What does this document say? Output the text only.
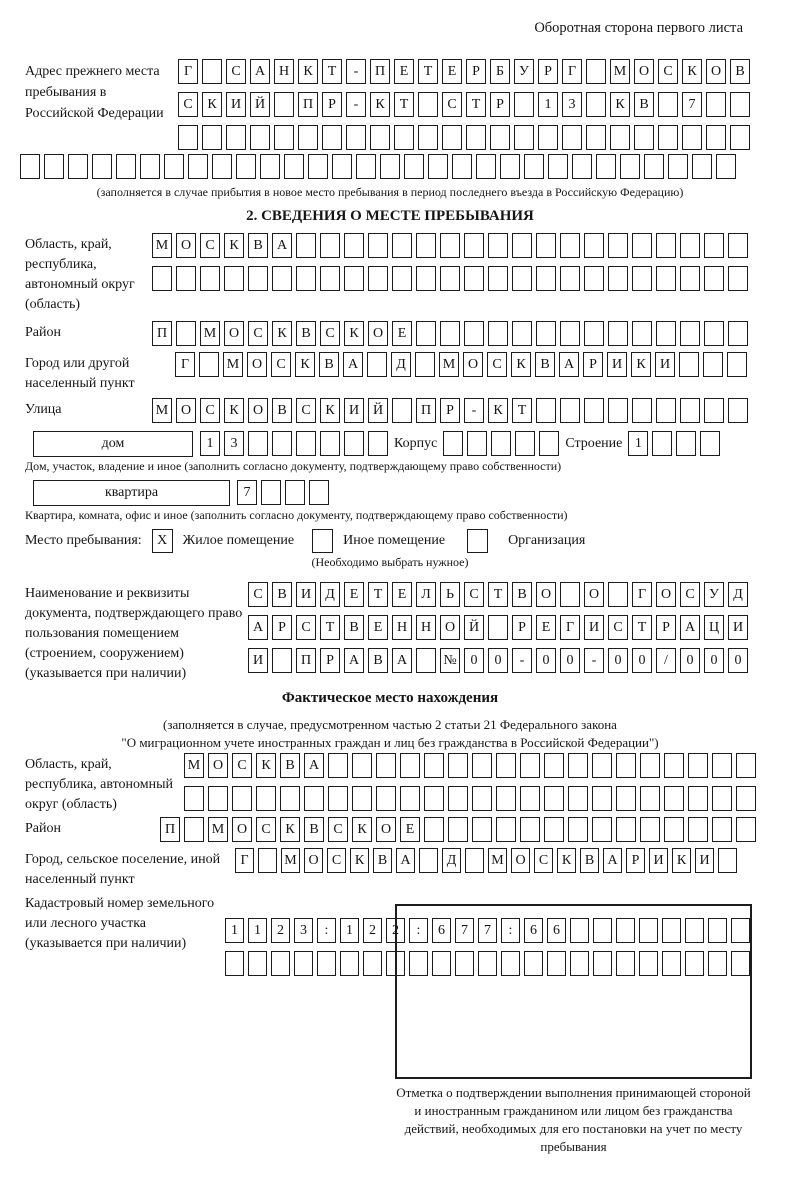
Оборотная сторона первого листа
Адрес прежнего места пребывания в Российской Федерации
Г	С	А Н	К	Т	-	П	Е	Т	Е	Р	Б	У	Р	Г	М О	С	К	О	В
С	К	И Й	П	Р	-	К	Т	С	Т	Р	1	3	К	В	7
(заполняется в случае прибытия в новое место пребывания в период последнего въезда в Российскую Федерацию)
2. СВЕДЕНИЯ О МЕСТЕ ПРЕБЫВАНИЯ
Область, край, республика, автономный округ (область)
М О	С	К	В	А
Район	П	М О	С	К	В	С	К	О	Е
Город или другой населенный пункт
Г	М О	С	К	В	А	Д	М О	С	К	В	А	Р	И	К	И
Улица	М О	С	К	О	В	С	К	И Й	П	Р	-	К	Т
дом	1	3	Корпус	Строение 1
Дом, участок, владение и иное (заполнить согласно документу, подтверждающему право собственности)
квартира	7
Квартира, комната, офис и иное (заполнить согласно документу, подтверждающему право собственности)
Место пребывания:	X	Жилое помещение	Иное помещение	Организация
(Необходимо выбрать нужное)
Наименование и реквизиты документа, подтверждающего право пользования помещением (строением, сооружением) (указывается при наличии)
С	В	И	Д	Е	Т	Е	Л	Ь	С	Т	В	О	О	Г	О	С	У	Д
А	Р	С	Т	В	Е	Н Н О Й	Р	Е	Г	И	С	Т	Р	А Ц И
И	П	Р	А	В	А	№ 0	0	-	0	0	-	0	0	/	0	0	0
Фактическое место нахождения
(заполняется в случае, предусмотренном частью 2 статьи 21 Федерального закона
"О миграционном учете иностранных граждан и лиц без гражданства в Российской Федерации")
Область, край, республика, автономный округ (область)
М О	С	К	В	А
Район	П	М О	С	К	В	С	К	О	Е
Город, сельское поселение, иной населенный пункт
Г	М О С К В А	Д	М О С К В А	Р	И К И
Кадастровый номер земельного или лесного участка (указывается при наличии)
1	1	2	3	:	1	2	2	:	6	7	7	:	6	6
Отметка о подтверждении выполнения принимающей стороной и иностранным гражданином или лицом без гражданства действий, необходимых для его постановки на учет по месту пребывания
